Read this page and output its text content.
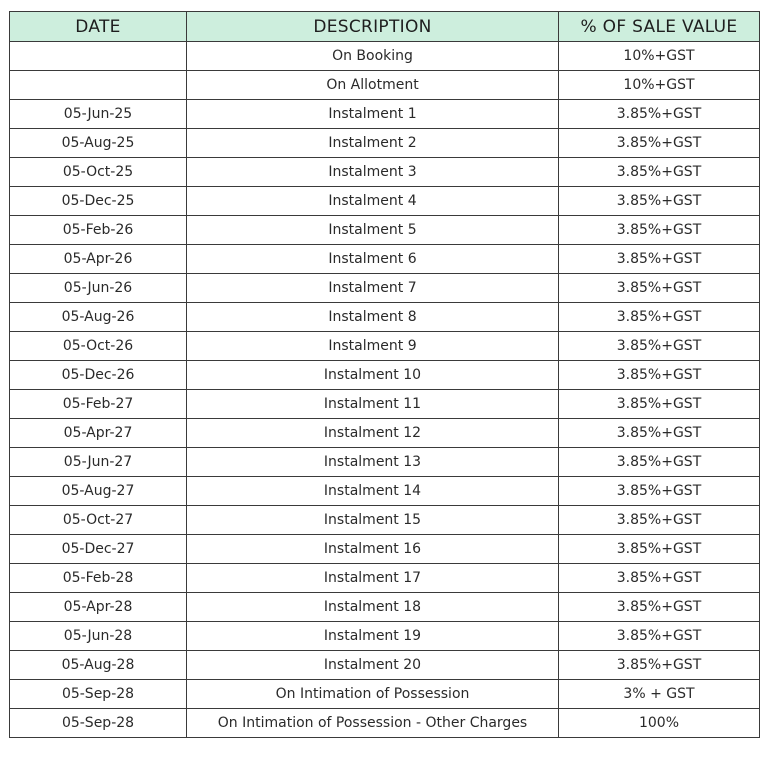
DATE	DESCRIPTION	% OF SALE VALUE
	On Booking	10%+GST
	On Allotment	10%+GST
05-Jun-25	Instalment 1	3.85%+GST
05-Aug-25	Instalment 2	3.85%+GST
05-Oct-25	Instalment 3	3.85%+GST
05-Dec-25	Instalment 4	3.85%+GST
05-Feb-26	Instalment 5	3.85%+GST
05-Apr-26	Instalment 6	3.85%+GST
05-Jun-26	Instalment 7	3.85%+GST
05-Aug-26	Instalment 8	3.85%+GST
05-Oct-26	Instalment 9	3.85%+GST
05-Dec-26	Instalment 10	3.85%+GST
05-Feb-27	Instalment 11	3.85%+GST
05-Apr-27	Instalment 12	3.85%+GST
05-Jun-27	Instalment 13	3.85%+GST
05-Aug-27	Instalment 14	3.85%+GST
05-Oct-27	Instalment 15	3.85%+GST
05-Dec-27	Instalment 16	3.85%+GST
05-Feb-28	Instalment 17	3.85%+GST
05-Apr-28	Instalment 18	3.85%+GST
05-Jun-28	Instalment 19	3.85%+GST
05-Aug-28	Instalment 20	3.85%+GST
05-Sep-28	On Intimation of Possession	3% + GST
05-Sep-28	On Intimation of Possession - Other Charges	100%
